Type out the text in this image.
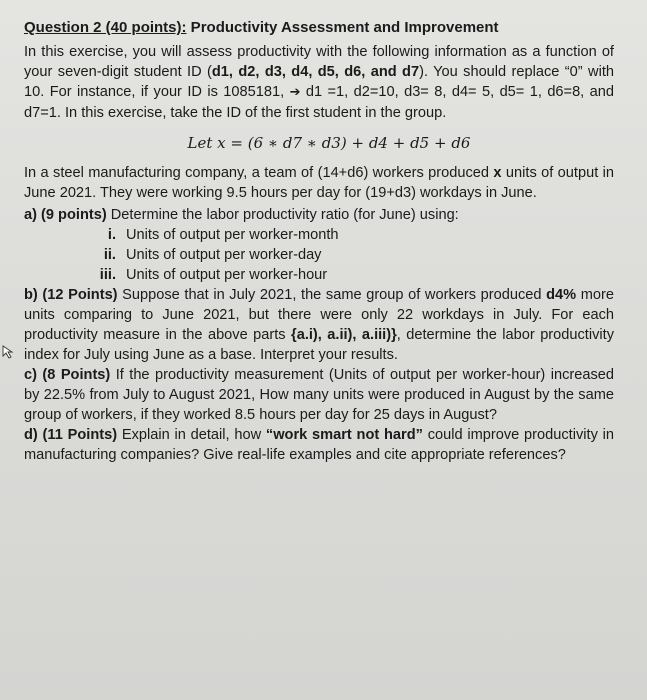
Question 2 (40 points): Productivity Assessment and Improvement
In this exercise, you will assess productivity with the following information as a function of your seven-digit student ID (d1, d2, d3, d4, d5, d6, and d7). You should replace “0” with 10. For instance, if your ID is 1085181, ➔ d1 =1, d2=10, d3= 8, d4= 5, d5= 1, d6=8, and d7=1. In this exercise, take the ID of the first student in the group.
Let x = (6 ∗ d7 ∗ d3) + d4 + d5 + d6
In a steel manufacturing company, a team of (14+d6) workers produced x units of output in June 2021. They were working 9.5 hours per day for (19+d3) workdays in June.
a) (9 points) Determine the labor productivity ratio (for June) using:
i. Units of output per worker-month
ii. Units of output per worker-day
iii. Units of output per worker-hour
b) (12 Points) Suppose that in July 2021, the same group of workers produced d4% more units comparing to June 2021, but there were only 22 workdays in July. For each productivity measure in the above parts {a.i), a.ii), a.iii)}, determine the labor productivity index for July using June as a base. Interpret your results.
c) (8 Points) If the productivity measurement (Units of output per worker-hour) increased by 22.5% from July to August 2021, How many units were produced in August by the same group of workers, if they worked 8.5 hours per day for 25 days in August?
d) (11 Points) Explain in detail, how “work smart not hard” could improve productivity in manufacturing companies? Give real-life examples and cite appropriate references?
